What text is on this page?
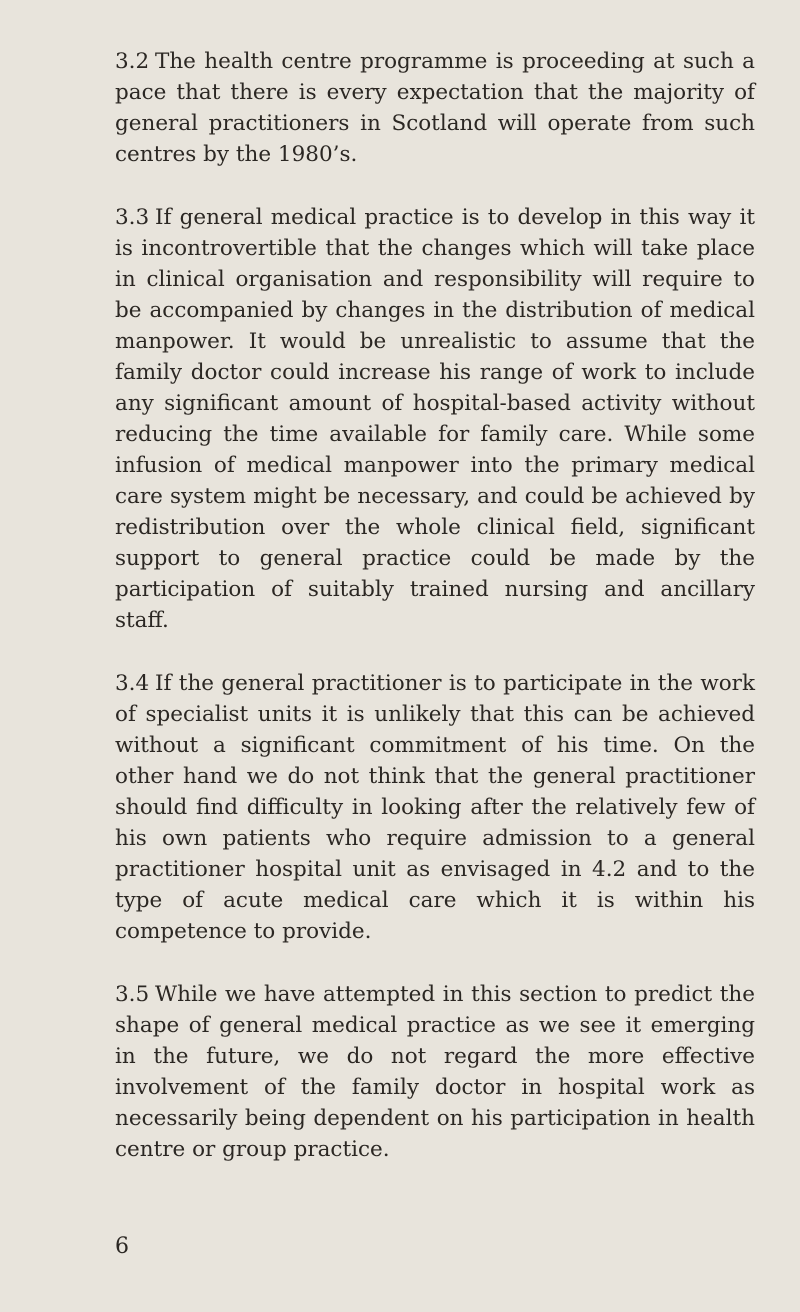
3.2 The health centre programme is proceeding at such a pace that there is every expectation that the majority of general practitioners in Scotland will operate from such centres by the 1980’s.

3.3 If general medical practice is to develop in this way it is incontrovertible that the changes which will take place in clinical organisation and responsibility will require to be accompanied by changes in the distribution of medical manpower. It would be unrealistic to assume that the family doctor could increase his range of work to include any significant amount of hospital-based activity without reducing the time available for family care. While some infusion of medical manpower into the primary medical care system might be necessary, and could be achieved by redistribution over the whole clinical field, significant support to general practice could be made by the participation of suitably trained nursing and ancillary staff.

3.4 If the general practitioner is to participate in the work of specialist units it is unlikely that this can be achieved without a significant commitment of his time. On the other hand we do not think that the general practitioner should find difficulty in looking after the relatively few of his own patients who require admission to a general practitioner hospital unit as envisaged in 4.2 and to the type of acute medical care which it is within his competence to provide.

3.5 While we have attempted in this section to predict the shape of general medical practice as we see it emerging in the future, we do not regard the more effective involvement of the family doctor in hospital work as necessarily being dependent on his participation in health centre or group practice.

6
